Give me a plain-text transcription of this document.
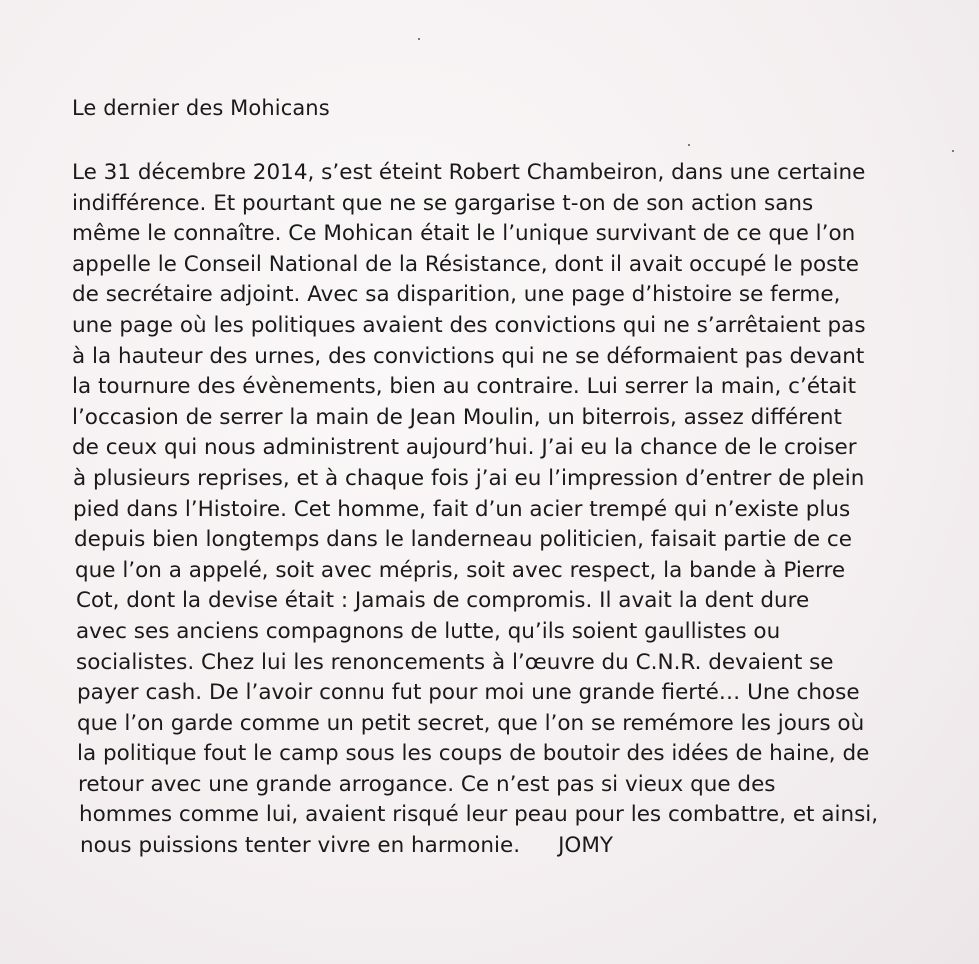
Le dernier des Mohicans
Le 31 décembre 2014, s’est éteint Robert Chambeiron, dans une certaine
indifférence. Et pourtant que ne se gargarise t-on de son action sans
même le connaître. Ce Mohican était le l’unique survivant de ce que l’on
appelle le Conseil National de la Résistance, dont il avait occupé le poste
de secrétaire adjoint. Avec sa disparition, une page d’histoire se ferme,
une page où les politiques avaient des convictions qui ne s’arrêtaient pas
à la hauteur des urnes, des convictions qui ne se déformaient pas devant
la tournure des évènements, bien au contraire. Lui serrer la main, c’était
l’occasion de serrer la main de Jean Moulin, un biterrois, assez différent
de ceux qui nous administrent aujourd’hui. J’ai eu la chance de le croiser
à plusieurs reprises, et à chaque fois j’ai eu l’impression d’entrer de plein
pied dans l’Histoire. Cet homme, fait d’un acier trempé qui n’existe plus
depuis bien longtemps dans le landerneau politicien, faisait partie de ce
que l’on a appelé, soit avec mépris, soit avec respect, la bande à Pierre
Cot, dont la devise était : Jamais de compromis. Il avait la dent dure
avec ses anciens compagnons de lutte, qu’ils soient gaullistes ou
socialistes. Chez lui les renoncements à l’œuvre du C.N.R. devaient se
payer cash. De l’avoir connu fut pour moi une grande fierté… Une chose
que l’on garde comme un petit secret, que l’on se remémore les jours où
la politique fout le camp sous les coups de boutoir des idées de haine, de
retour avec une grande arrogance. Ce n’est pas si vieux que des
hommes comme lui, avaient risqué leur peau pour les combattre, et ainsi,
nous puissions tenter vivre en harmonie. JOMY
